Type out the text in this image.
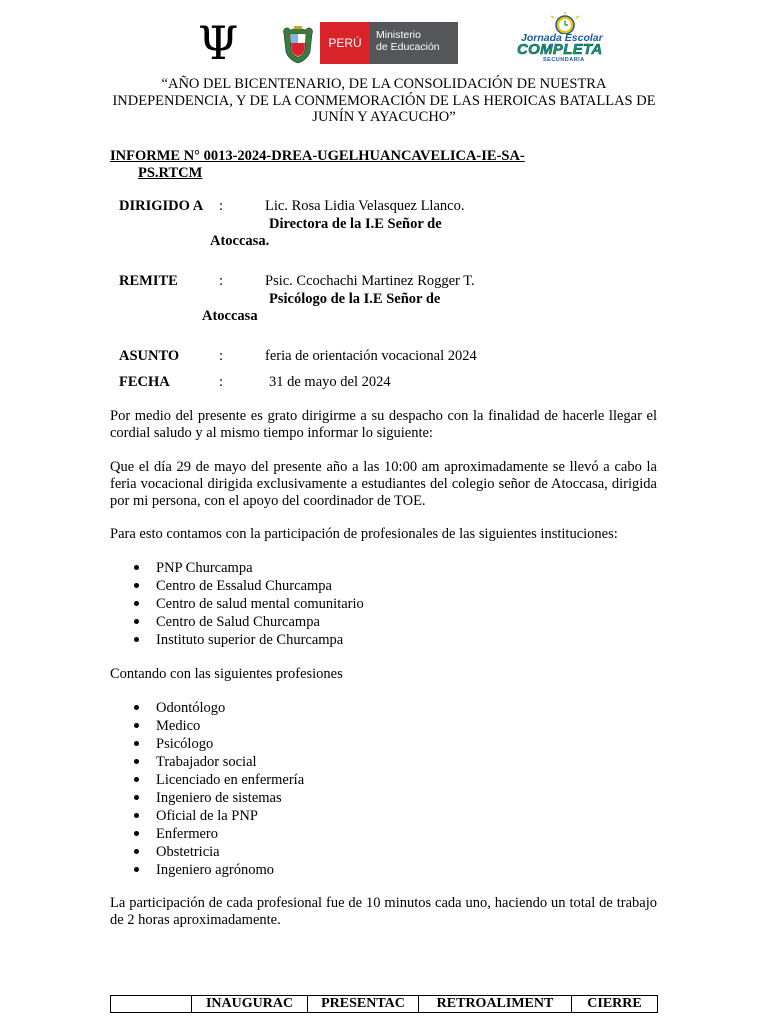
Ψ	PERÚ
Ministerio
de Educación
Jornada Escolar
COMPLETA
SECUNDARIA
“AÑO DEL BICENTENARIO, DE LA CONSOLIDACIÓN DE NUESTRA INDEPENDENCIA, Y DE LA CONMEMORACIÓN DE LAS HEROICAS BATALLAS DE JUNÍN Y AYACUCHO”
INFORME N° 0013-2024-DREA-UGELHUANCAVELICA-IE-SA-
PS.RTCM
DIRIGIDO A :	Lic. Rosa Lidia Velasquez Llanco.
Directora de la I.E Señor de
Atoccasa.
REMITE	:	Psic. Ccochachi Martinez Rogger T.
Psicólogo de la I.E Señor de
Atoccasa
ASUNTO	:	feria de orientación vocacional 2024
FECHA	:	31 de mayo del 2024
Por medio del presente es grato dirigirme a su despacho con la finalidad de hacerle llegar el cordial saludo y al mismo tiempo informar lo siguiente:
Que el día 29 de mayo del presente año a las 10:00 am aproximadamente se llevó a cabo la feria vocacional dirigida exclusivamente a estudiantes del colegio señor de Atoccasa, dirigida por mi persona, con el apoyo del coordinador de TOE.
Para esto contamos con la participación de profesionales de las siguientes instituciones:
PNP Churcampa
Centro de Essalud Churcampa
Centro de salud mental comunitario
Centro de Salud Churcampa
Instituto superior de Churcampa
Contando con las siguientes profesiones
Odontólogo
Medico
Psicólogo
Trabajador social
Licenciado en enfermería
Ingeniero de sistemas
Oficial de la PNP
Enfermero
Obstetricia
Ingeniero agrónomo
La participación de cada profesional fue de 10 minutos cada uno, haciendo un total de trabajo de 2 horas aproximadamente.
	INAUGURAC	PRESENTAC	RETROALIMENT	CIERRE
